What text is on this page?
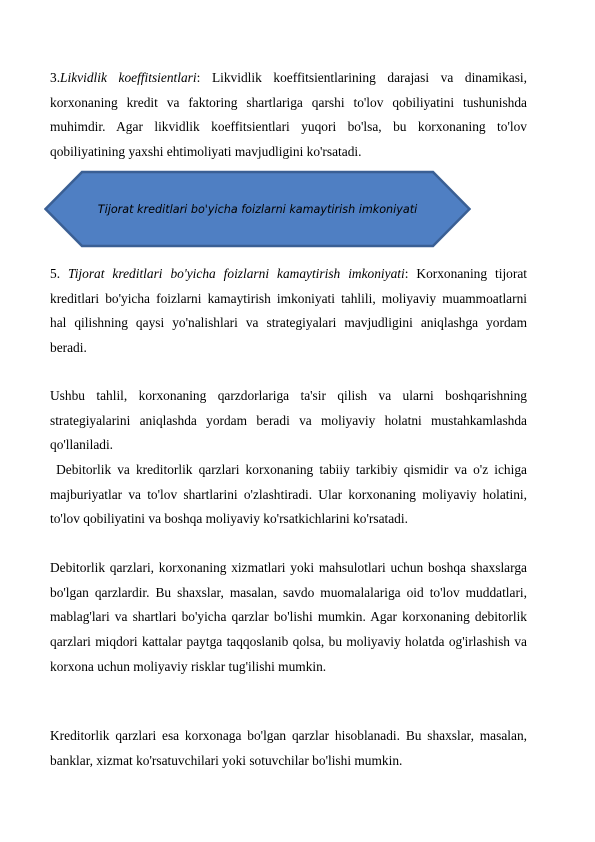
3.Likvidlik koeffitsientlari: Likvidlik koeffitsientlarining darajasi va dinamikasi, korxonaning kredit va faktoring shartlariga qarshi to'lov qobiliyatini tushunishda muhimdir. Agar likvidlik koeffitsientlari yuqori bo'lsa, bu korxonaning to'lov qobiliyatining yaxshi ehtimoliyati mavjudligini ko'rsatadi.

Tijorat kreditlari bo'yicha foizlarni kamaytirish imkoniyati

5. Tijorat kreditlari bo'yicha foizlarni kamaytirish imkoniyati: Korxonaning tijorat kreditlari bo'yicha foizlarni kamaytirish imkoniyati tahlili, moliyaviy muammoatlarni hal qilishning qaysi yo'nalishlari va strategiyalari mavjudligini aniqlashga yordam beradi.

Ushbu tahlil, korxonaning qarzdorlariga ta'sir qilish va ularni boshqarishning strategiyalarini aniqlashda yordam beradi va moliyaviy holatni mustahkamlashda qo'llaniladi.

Debitorlik va kreditorlik qarzlari korxonaning tabiiy tarkibiy qismidir va o'z ichiga majburiyatlar va to'lov shartlarini o'zlashtiradi. Ular korxonaning moliyaviy holatini, to'lov qobiliyatini va boshqa moliyaviy ko'rsatkichlarini ko'rsatadi.

Debitorlik qarzlari, korxonaning xizmatlari yoki mahsulotlari uchun boshqa shaxslarga bo'lgan qarzlardir. Bu shaxslar, masalan, savdo muomalalariga oid to'lov muddatlari, mablag'lari va shartlari bo'yicha qarzlar bo'lishi mumkin. Agar korxonaning debitorlik qarzlari miqdori kattalar paytga taqqoslanib qolsa, bu moliyaviy holatda og'irlashish va korxona uchun moliyaviy risklar tug'ilishi mumkin.

Kreditorlik qarzlari esa korxonaga bo'lgan qarzlar hisoblanadi. Bu shaxslar, masalan, banklar, xizmat ko'rsatuvchilari yoki sotuvchilar bo'lishi mumkin.
